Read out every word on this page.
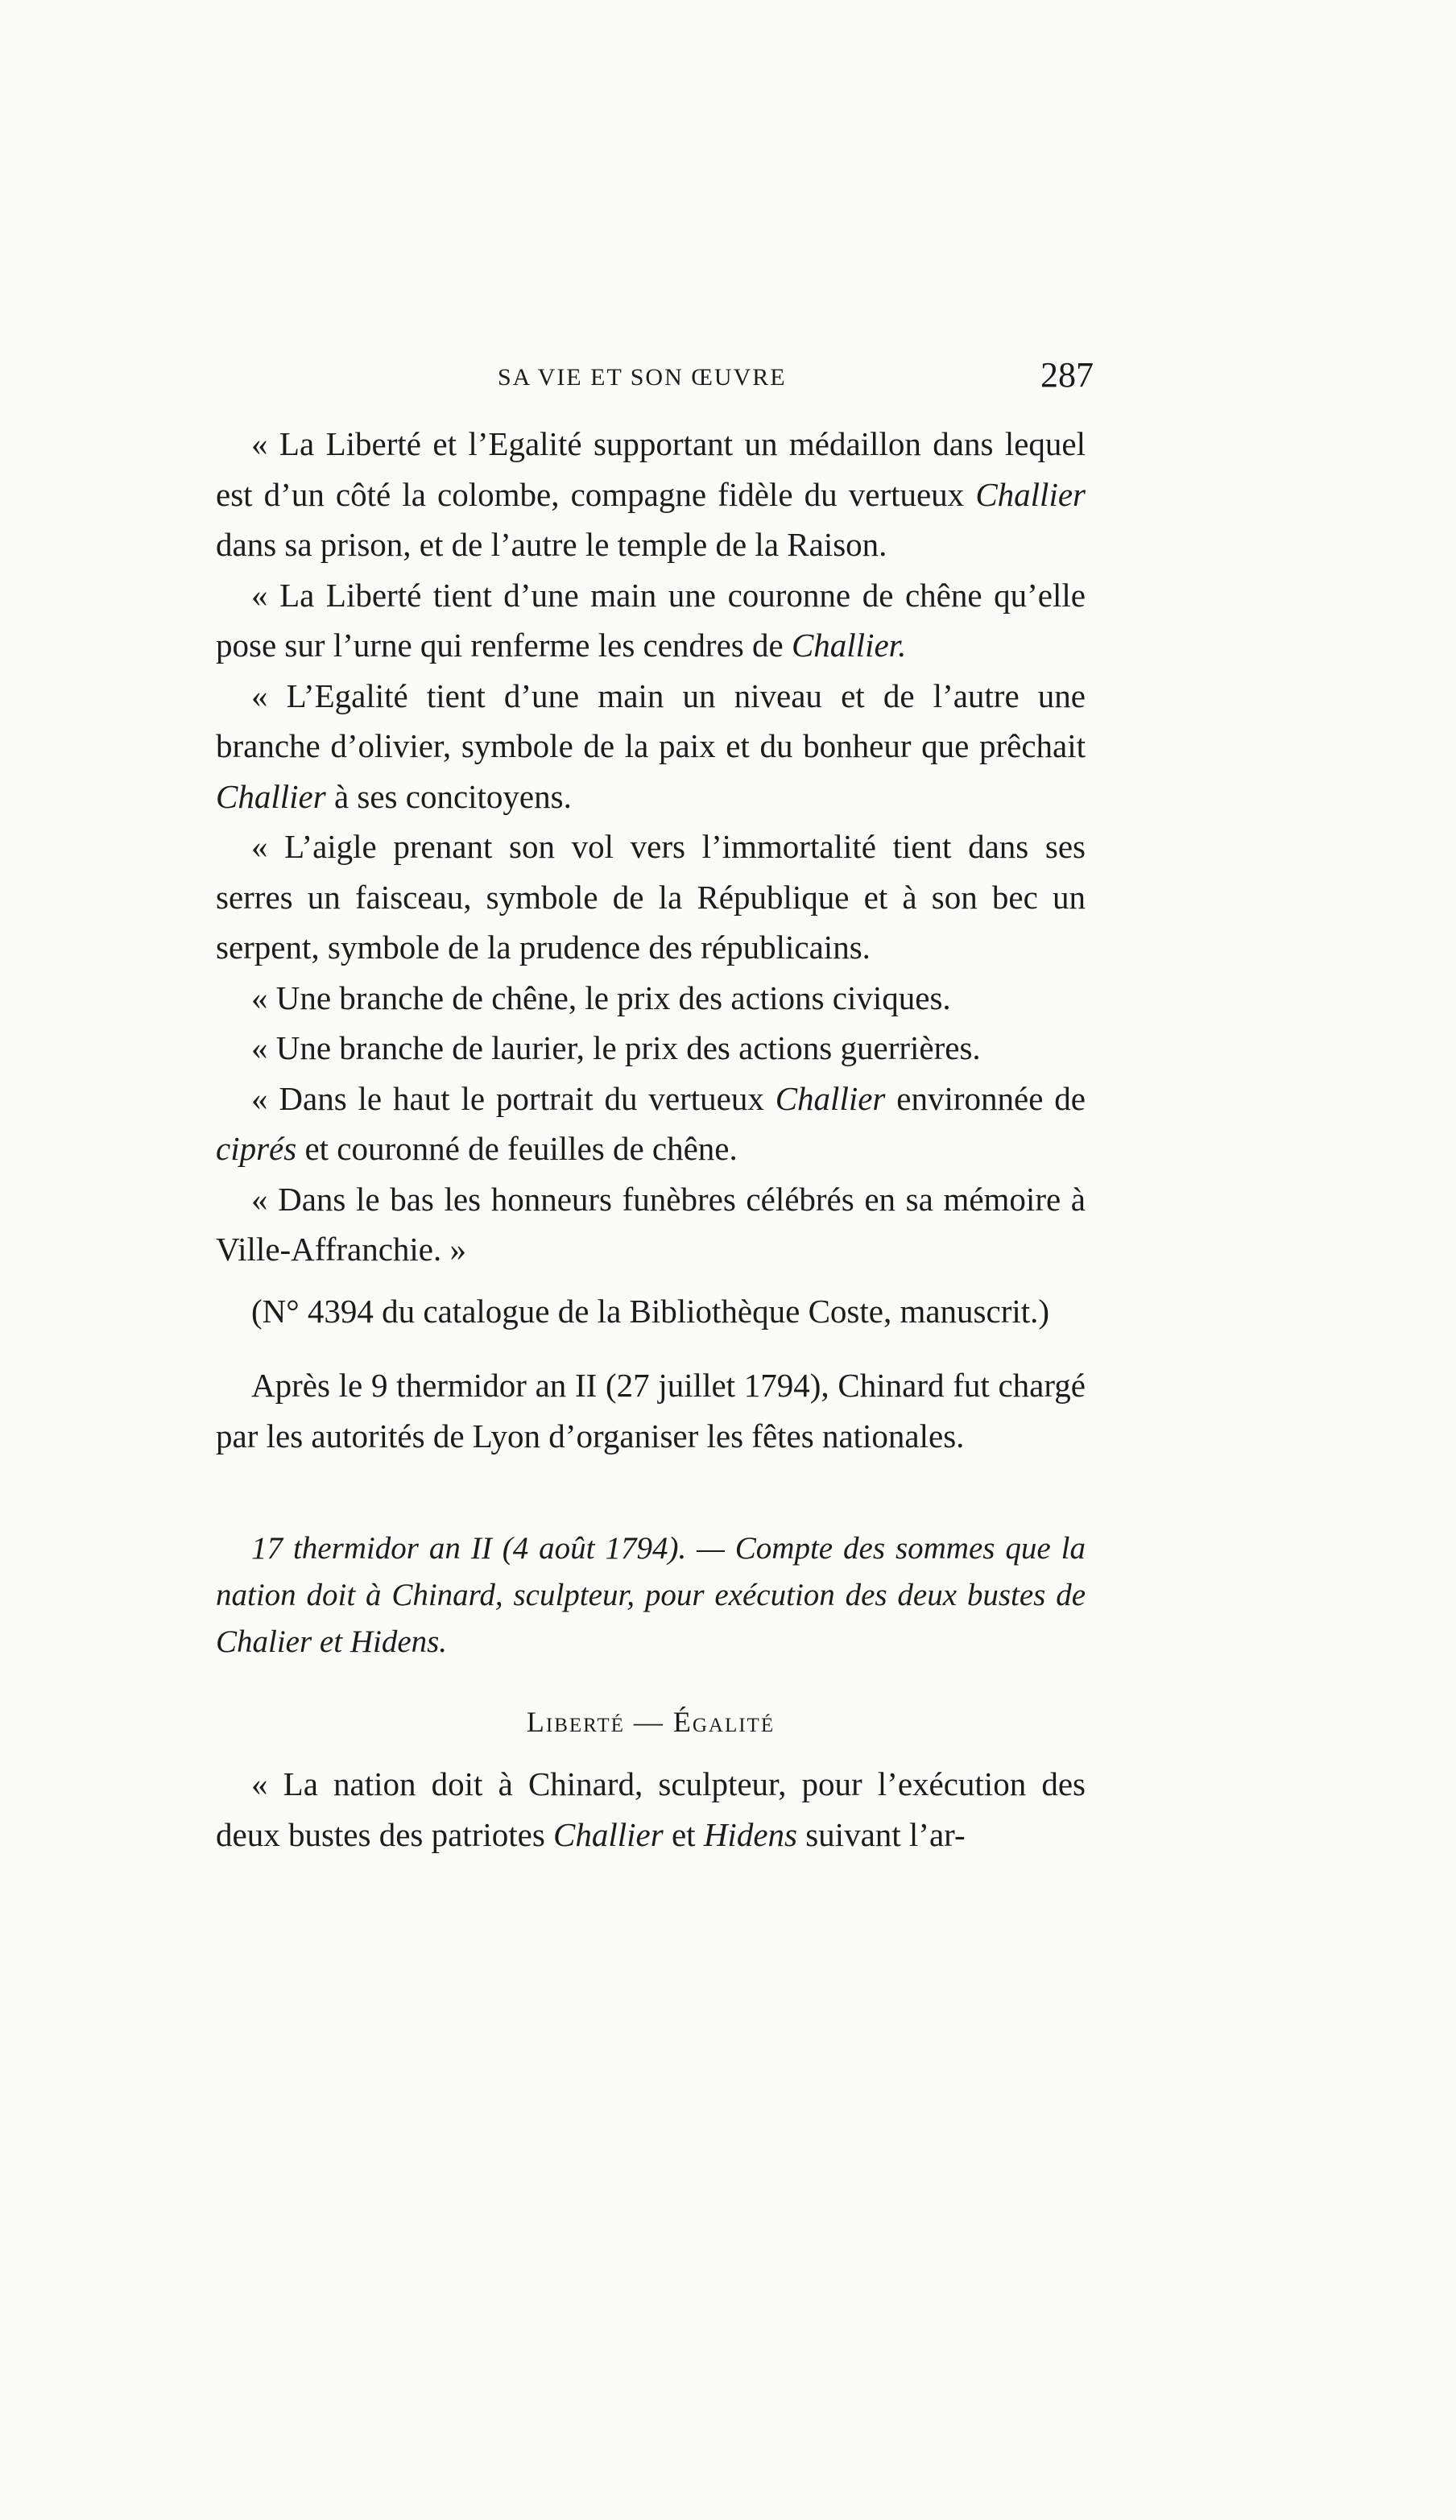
SA VIE ET SON ŒUVRE	287

« La Liberté et l’Egalité supportant un médaillon dans lequel est d’un côté la colombe, compagne fidèle du vertueux Challier dans sa prison, et de l’autre le temple de la Raison.

« La Liberté tient d’une main une couronne de chêne qu’elle pose sur l’urne qui renferme les cendres de Challier.

« L’Egalité tient d’une main un niveau et de l’autre une branche d’olivier, symbole de la paix et du bonheur que prêchait Challier à ses concitoyens.

« L’aigle prenant son vol vers l’immortalité tient dans ses serres un faisceau, symbole de la République et à son bec un serpent, symbole de la prudence des républicains.

« Une branche de chêne, le prix des actions civiques.

« Une branche de laurier, le prix des actions guerrières.

« Dans le haut le portrait du vertueux Challier environnée de ciprés et couronné de feuilles de chêne.

« Dans le bas les honneurs funèbres célébrés en sa mémoire à Ville-Affranchie. »

(N° 4394 du catalogue de la Bibliothèque Coste, manuscrit.)

Après le 9 thermidor an II (27 juillet 1794), Chinard fut chargé par les autorités de Lyon d’organiser les fêtes nationales.

17 thermidor an II (4 août 1794). — Compte des sommes que la nation doit à Chinard, sculpteur, pour exécution des deux bustes de Chalier et Hidens.

Liberté — Égalité

« La nation doit à Chinard, sculpteur, pour l’exécution des deux bustes des patriotes Challier et Hidens suivant l’ar-
